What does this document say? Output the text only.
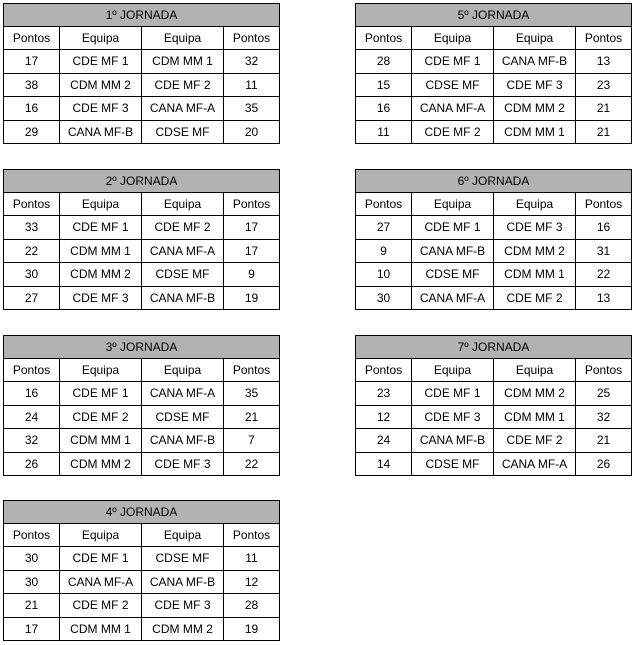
1º JORNADA			
Pontos	Equipa	Equipa	Pontos
17	CDE MF 1	CDM MM 1	32
38	CDM MM 2	CDE MF 2	11
16	CDE MF 3	CANA MF-A	35
29	CANA MF-B	CDSE MF	20
2º JORNADA			
Pontos	Equipa	Equipa	Pontos
33	CDE MF 1	CDE MF 2	17
22	CDM MM 1	CANA MF-A	17
30	CDM MM 2	CDSE MF	9
27	CDE MF 3	CANA MF-B	19
3º JORNADA			
Pontos	Equipa	Equipa	Pontos
16	CDE MF 1	CANA MF-A	35
24	CDE MF 2	CDSE MF	21
32	CDM MM 1	CANA MF-B	7
26	CDM MM 2	CDE MF 3	22
4º JORNADA			
Pontos	Equipa	Equipa	Pontos
30	CDE MF 1	CDSE MF	11
30	CANA MF-A	CANA MF-B	12
21	CDE MF 2	CDE MF 3	28
17	CDM MM 1	CDM MM 2	19
5º JORNADA			
Pontos	Equipa	Equipa	Pontos
28	CDE MF 1	CANA MF-B	13
15	CDSE MF	CDE MF 3	23
16	CANA MF-A	CDM MM 2	21
11	CDE MF 2	CDM MM 1	21
6º JORNADA			
Pontos	Equipa	Equipa	Pontos
27	CDE MF 1	CDE MF 3	16
9	CANA MF-B	CDM MM 2	31
10	CDSE MF	CDM MM 1	22
30	CANA MF-A	CDE MF 2	13
7º JORNADA			
Pontos	Equipa	Equipa	Pontos
23	CDE MF 1	CDM MM 2	25
12	CDE MF 3	CDM MM 1	32
24	CANA MF-B	CDE MF 2	21
14	CDSE MF	CANA MF-A	26
